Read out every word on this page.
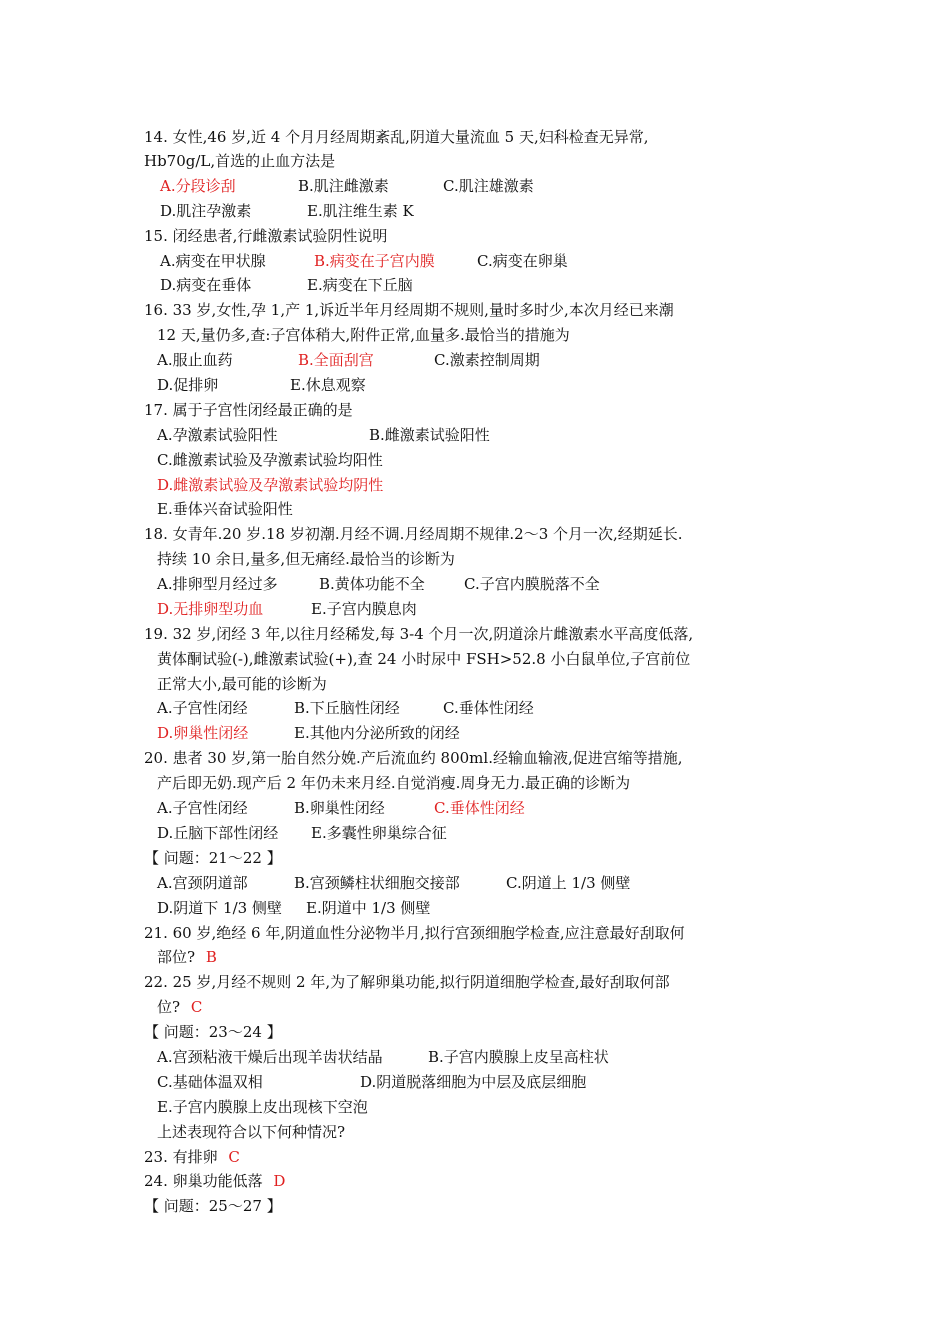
14. 女性,46 岁,近 4 个月月经周期紊乱,阴道大量流血 5 天,妇科检查无异常,
Hb70g/L,首选的止血方法是
A.分段诊刮	B.肌注雌激素	C.肌注雄激素
D.肌注孕激素	E.肌注维生素 K
15. 闭经患者,行雌激素试验阴性说明
A.病变在甲状腺	B.病变在子宫内膜	C.病变在卵巢
D.病变在垂体	E.病变在下丘脑
16. 33 岁,女性,孕 1,产 1,诉近半年月经周期不规则,量时多时少,本次月经已来潮
12 天,量仍多,查:子宫体稍大,附件正常,血量多.最恰当的措施为
A.服止血药	B.全面刮宫	C.激素控制周期
D.促排卵	E.休息观察
17. 属于子宫性闭经最正确的是
A.孕激素试验阳性	B.雌激素试验阳性
C.雌激素试验及孕激素试验均阳性
D.雌激素试验及孕激素试验均阴性
E.垂体兴奋试验阳性
18. 女青年.20 岁.18 岁初潮.月经不调.月经周期不规律.2～3 个月一次,经期延长.
持续 10 余日,量多,但无痛经.最恰当的诊断为
A.排卵型月经过多	B.黄体功能不全	C.子宫内膜脱落不全
D.无排卵型功血	E.子宫内膜息肉
19. 32 岁,闭经 3 年,以往月经稀发,每 3-4 个月一次,阴道涂片雌激素水平高度低落,
黄体酮试验(-),雌激素试验(+),查 24 小时尿中 FSH>52.8 小白鼠单位,子宫前位
正常大小,最可能的诊断为
A.子宫性闭经	B.下丘脑性闭经	C.垂体性闭经
D.卵巢性闭经	E.其他内分泌所致的闭经
20. 患者 30 岁,第一胎自然分娩.产后流血约 800ml.经输血输液,促进宫缩等措施,
产后即无奶.现产后 2 年仍未来月经.自觉消瘦.周身无力.最正确的诊断为
A.子宫性闭经	B.卵巢性闭经	C.垂体性闭经
D.丘脑下部性闭经 E.多囊性卵巢综合征
【 问题：21～22 】
A.宫颈阴道部	B.宫颈鳞柱状细胞交接部	C.阴道上 1/3 侧壁
D.阴道下 1/3 侧壁 E.阴道中 1/3 侧壁
21. 60 岁,绝经 6 年,阴道血性分泌物半月,拟行宫颈细胞学检查,应注意最好刮取何
部位? B
22. 25 岁,月经不规则 2 年,为了解卵巢功能,拟行阴道细胞学检查,最好刮取何部
位? C
【 问题：23～24 】
A.宫颈粘液干燥后出现羊齿状结晶	B.子宫内膜腺上皮呈高柱状
C.基础体温双相	D.阴道脱落细胞为中层及底层细胞
E.子宫内膜腺上皮出现核下空泡
上述表现符合以下何种情况?
23. 有排卵 C
24. 卵巢功能低落 D
【 问题：25～27 】
